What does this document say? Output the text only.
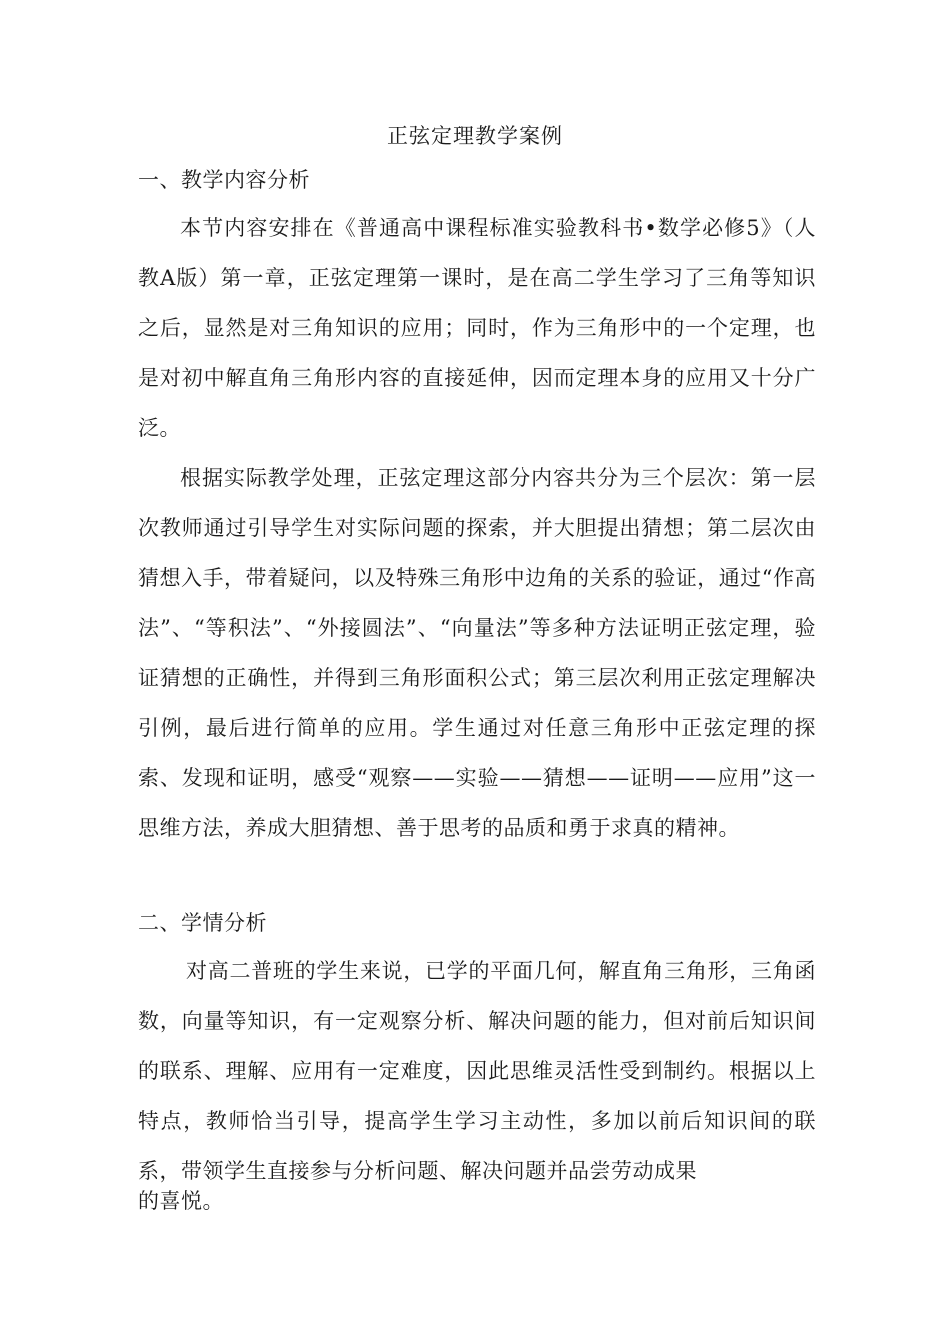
正弦定理教学案例
一、教学内容分析

本节内容安排在《普通高中课程标准实验教科书•数学必修5》（人教A版）第一章，正弦定理第一课时，是在高二学生学习了三角等知识之后，显然是对三角知识的应用；同时，作为三角形中的一个定理，也是对初中解直角三角形内容的直接延伸，因而定理本身的应用又十分广泛。

根据实际教学处理，正弦定理这部分内容共分为三个层次：第一层次教师通过引导学生对实际问题的探索，并大胆提出猜想；第二层次由猜想入手，带着疑问，以及特殊三角形中边角的关系的验证，通过“作高法”、“等积法”、“外接圆法”、“向量法”等多种方法证明正弦定理，验证猜想的正确性，并得到三角形面积公式；第三层次利用正弦定理解决引例，最后进行简单的应用。学生通过对任意三角形中正弦定理的探索、发现和证明，感受“观察——实验——猜想——证明——应用”这一思维方法，养成大胆猜想、善于思考的品质和勇于求真的精神。

二、学情分析

对高二普班的学生来说，已学的平面几何，解直角三角形，三角函数，向量等知识，有一定观察分析、解决问题的能力，但对前后知识间的联系、理解、应用有一定难度，因此思维灵活性受到制约。根据以上特点，教师恰当引导，提高学生学习主动性，多加以前后知识间的联系，带领学生直接参与分析问题、解决问题并品尝劳动成果

的喜悦。
